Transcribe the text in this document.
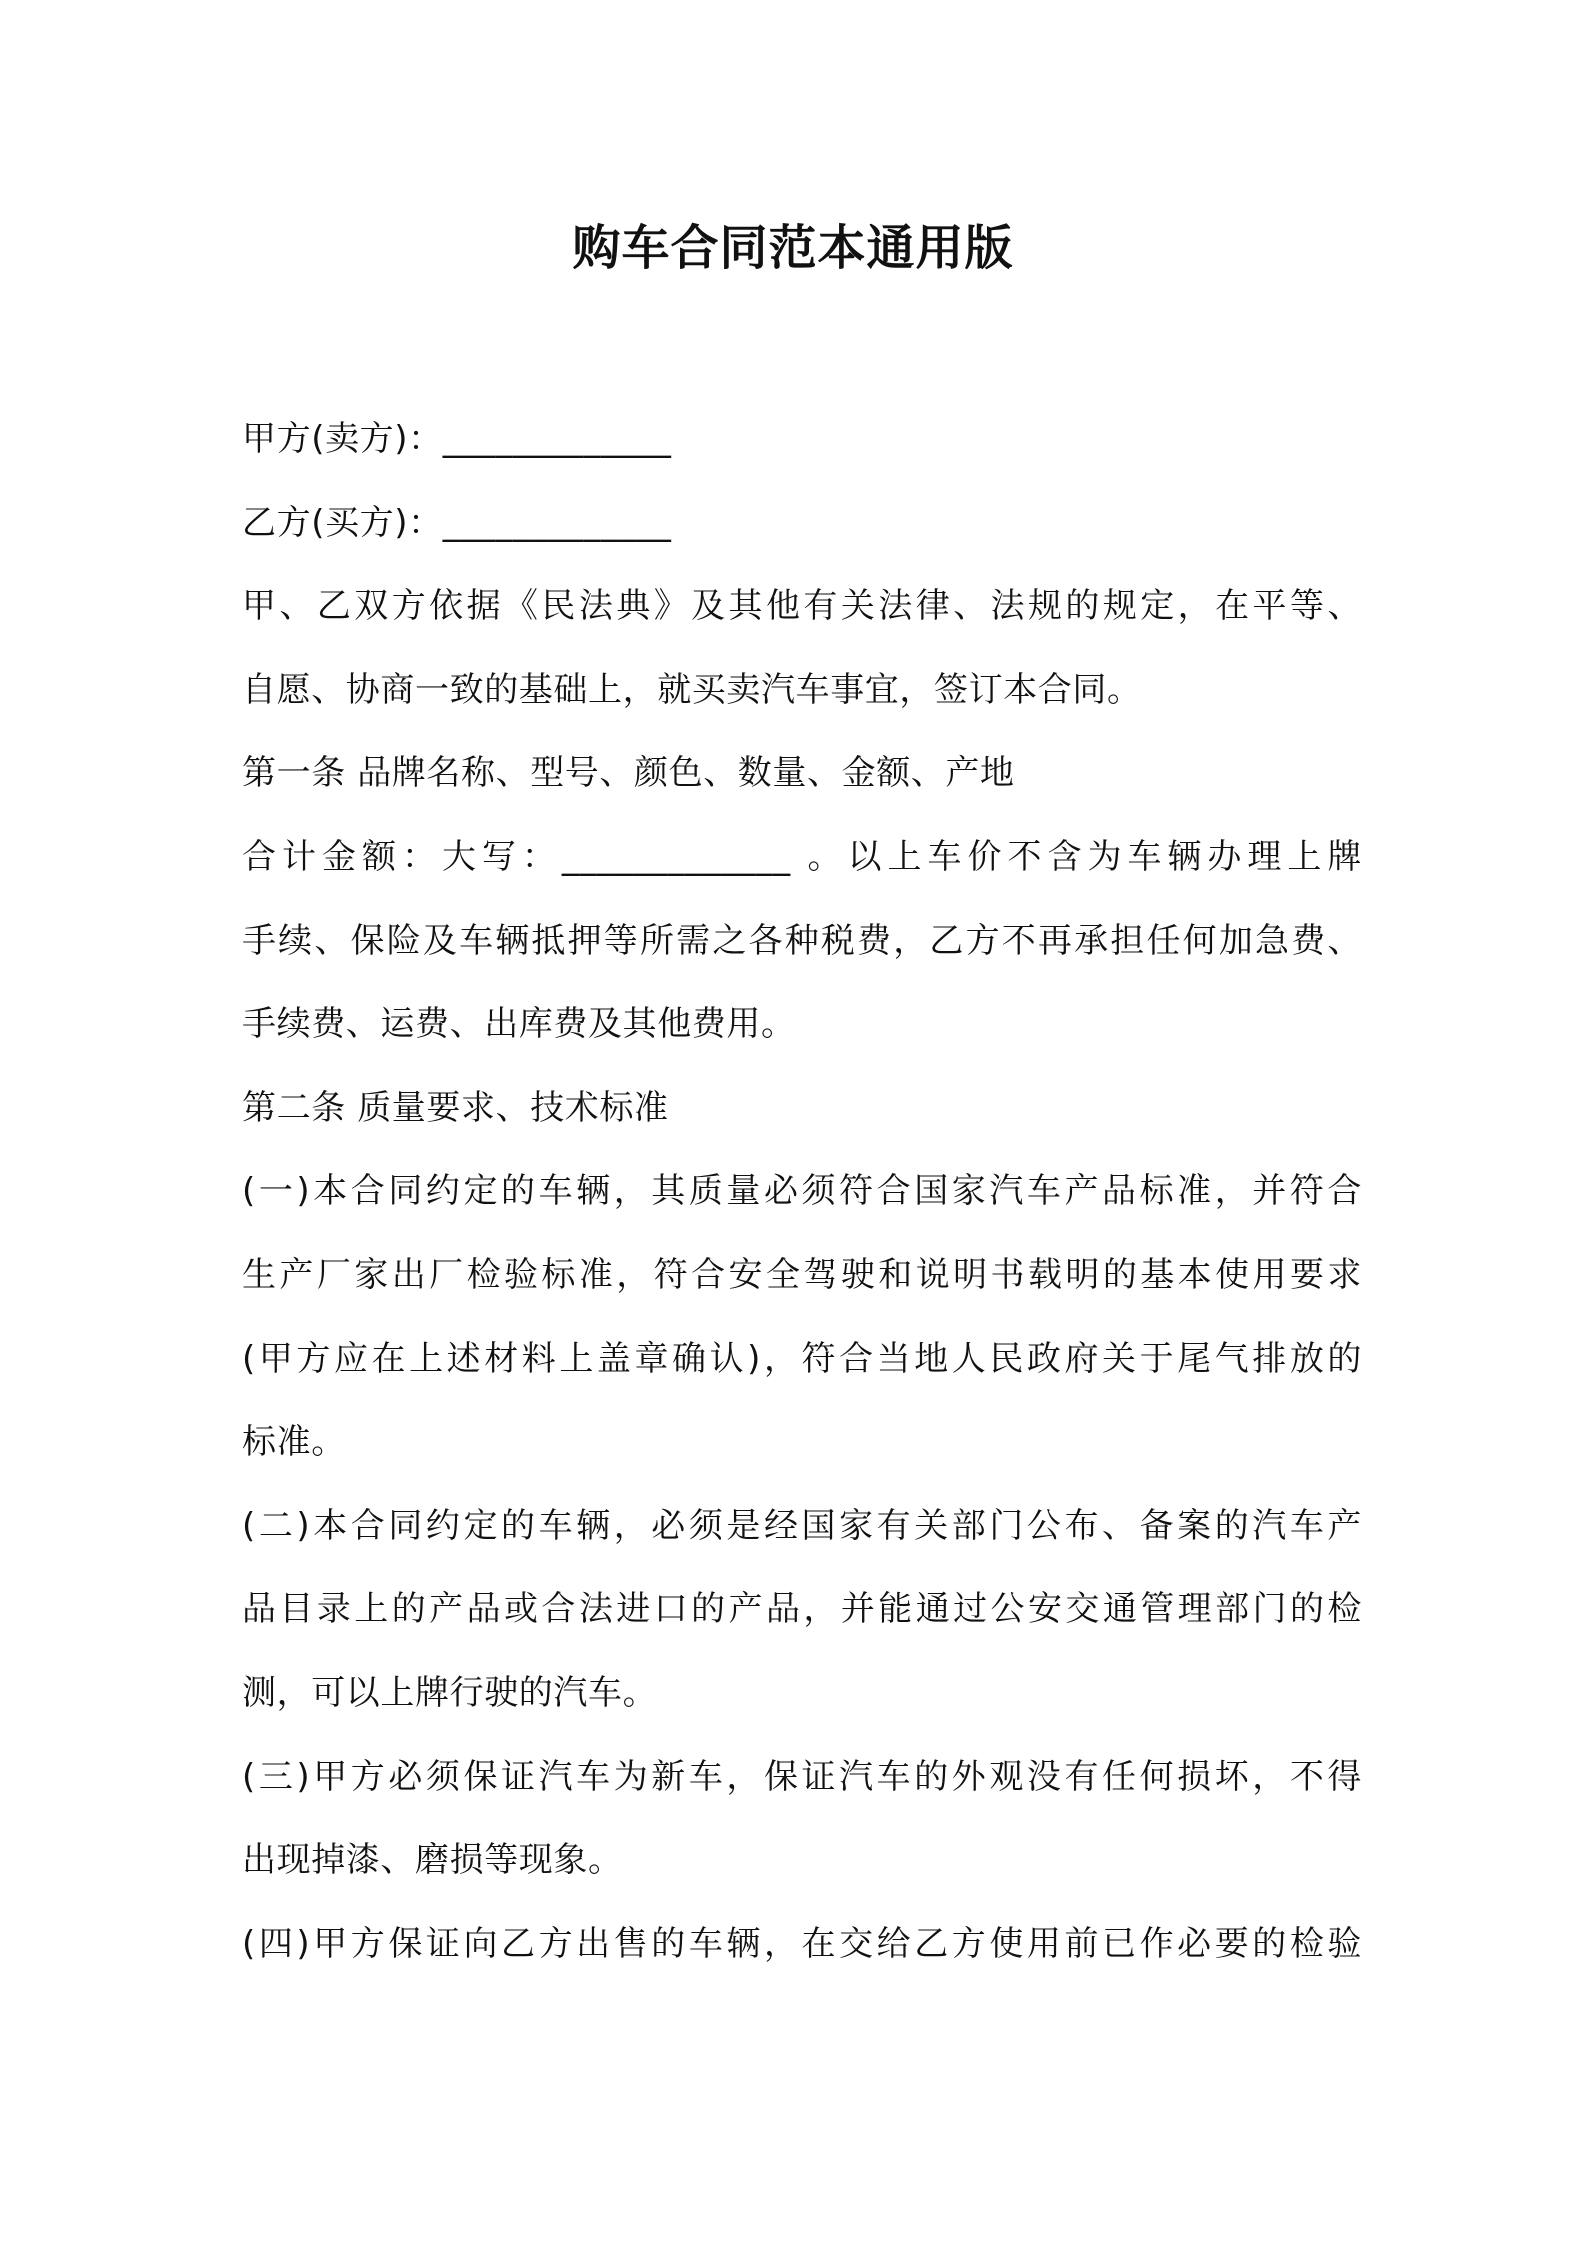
购车合同范本通用版
甲方(卖方)：_____________
乙方(买方)：_____________
甲、乙双方依据《民法典》及其他有关法律、法规的规定，在平等、
自愿、协商一致的基础上，就买卖汽车事宜，签订本合同。
第一条 品牌名称、型号、颜色、数量、金额、产地
合计金额：大写：_____________ 。以上车价不含为车辆办理上牌
手续、保险及车辆抵押等所需之各种税费，乙方不再承担任何加急费、
手续费、运费、出库费及其他费用。
第二条 质量要求、技术标准
(一)本合同约定的车辆，其质量必须符合国家汽车产品标准，并符合
生产厂家出厂检验标准，符合安全驾驶和说明书载明的基本使用要求
(甲方应在上述材料上盖章确认)，符合当地人民政府关于尾气排放的
标准。
(二)本合同约定的车辆，必须是经国家有关部门公布、备案的汽车产
品目录上的产品或合法进口的产品，并能通过公安交通管理部门的检
测，可以上牌行驶的汽车。
(三)甲方必须保证汽车为新车，保证汽车的外观没有任何损坏，不得
出现掉漆、磨损等现象。
(四)甲方保证向乙方出售的车辆，在交给乙方使用前已作必要的检验
